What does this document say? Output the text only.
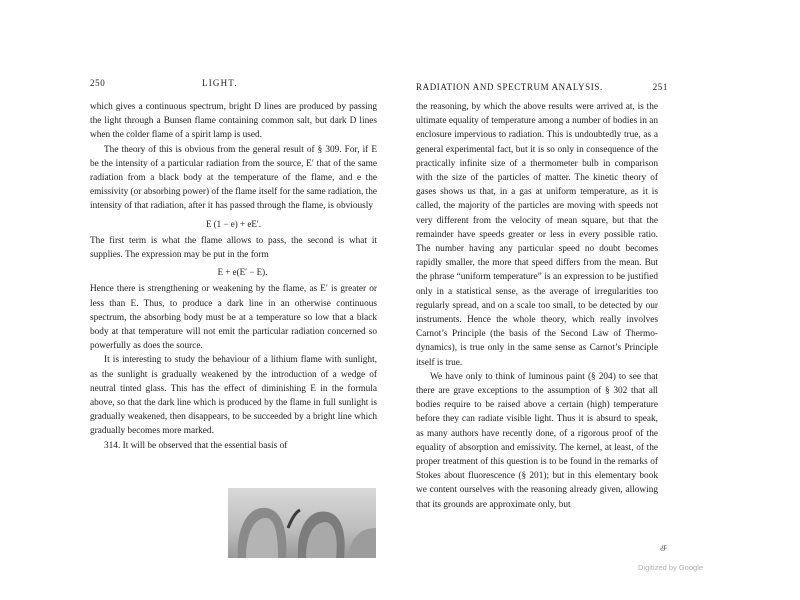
250	LIGHT.

which gives a continuous spectrum, bright D lines are produced by passing the light through a Bunsen flame containing common salt, but dark D lines when the colder flame of a spirit lamp is used.

The theory of this is obvious from the general result of § 309. For, if E be the intensity of a particular radiation from the source, E′ that of the same radiation from a black body at the temperature of the flame, and e the emissivity (or absorbing power) of the flame itself for the same radiation, the intensity of that radiation, after it has passed through the flame, is obviously

E (1 − e) + eE′.

The first term is what the flame allows to pass, the second is what it supplies. The expression may be put in the form

E + e(E′ − E).

Hence there is strengthening or weakening by the flame, as E′ is greater or less than E. Thus, to produce a dark line in an otherwise continuous spectrum, the absorbing body must be at a temperature so low that a black body at that temperature will not emit the particular radiation concerned so powerfully as does the source.

It is interesting to study the behaviour of a lithium flame with sunlight, as the sunlight is gradually weakened by the introduction of a wedge of neutral tinted glass. This has the effect of diminishing E in the formula above, so that the dark line which is produced by the flame in full sunlight is gradually weakened, then disappears, to be succeeded by a bright line which gradually becomes more marked.

314. It will be observed that the essential basis of

RADIATION AND SPECTRUM ANALYSIS.	251

the reasoning, by which the above results were arrived at, is the ultimate equality of temperature among a number of bodies in an enclosure impervious to radiation. This is undoubtedly true, as a general experimental fact, but it is so only in consequence of the practically infinite size of a thermometer bulb in comparison with the size of the particles of matter. The kinetic theory of gases shows us that, in a gas at uniform temperature, as it is called, the majority of the particles are moving with speeds not very different from the velocity of mean square, but that the remainder have speeds greater or less in every possible ratio. The number having any particular speed no doubt becomes rapidly smaller, the more that speed differs from the mean. But the phrase “uniform temperature” is an expression to be justified only in a statistical sense, as the average of irregularities too regularly spread, and on a scale too small, to be detected by our instruments. Hence the whole theory, which really involves Carnot’s Principle (the basis of the Second Law of Thermo-dynamics), is true only in the same sense as Carnot’s Principle itself is true.

We have only to think of luminous paint (§ 204) to see that there are grave exceptions to the assumption of § 302 that all bodies require to be raised above a certain (high) temperature before they can radiate visible light. Thus it is absurd to speak, as many authors have recently done, of a rigorous proof of the equality of absorption and emissivity. The kernel, at least, of the proper treatment of this question is to be found in the remarks of Stokes about fluorescence (§ 201); but in this elementary book we content ourselves with the reasoning already given, allowing that its grounds are approximate only, but

ச
Digitized by Google
